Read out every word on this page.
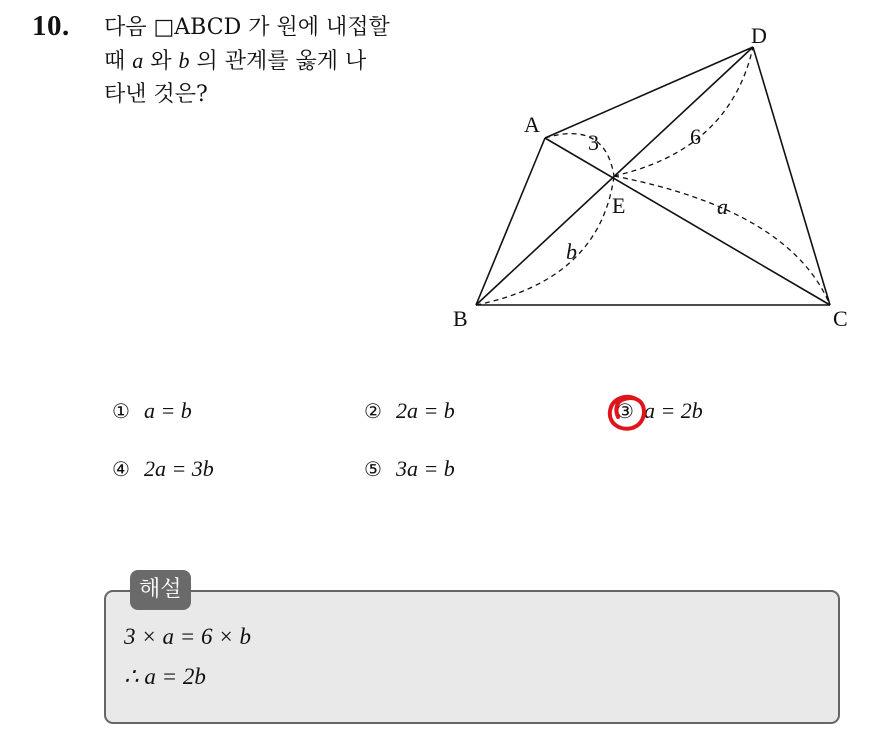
10. 다음 □ABCD 가 원에 내접할
때 a 와 b 의 관계를 옳게 나
타낸 것은?
A
B	C
D
E
3	6
a
b
① a = b	② 2a = b	③ a = 2b
④ 2a = 3b	⑤ 3a = b
해설
3 × a = 6 × b
∴ a = 2b
